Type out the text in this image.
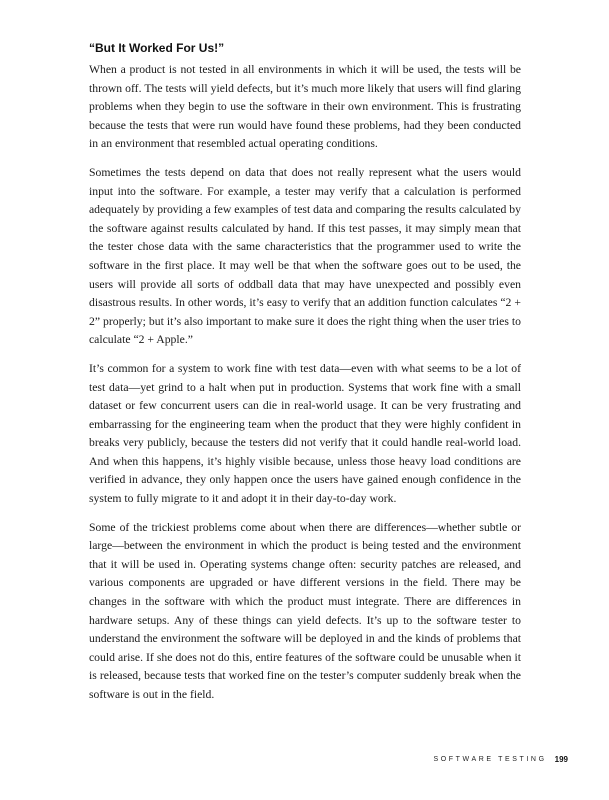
“But It Worked For Us!”

When a product is not tested in all environments in which it will be used, the tests will be thrown off. The tests will yield defects, but it’s much more likely that users will find glaring problems when they begin to use the software in their own environment. This is frustrating because the tests that were run would have found these problems, had they been conducted in an environment that resembled actual operating conditions.

Sometimes the tests depend on data that does not really represent what the users would input into the software. For example, a tester may verify that a calculation is performed adequately by providing a few examples of test data and comparing the results calculated by the software against results calculated by hand. If this test passes, it may simply mean that the tester chose data with the same characteristics that the programmer used to write the software in the first place. It may well be that when the software goes out to be used, the users will provide all sorts of oddball data that may have unexpected and possibly even disastrous results. In other words, it’s easy to verify that an addition function calculates “2 + 2” properly; but it’s also important to make sure it does the right thing when the user tries to calculate “2 + Apple.”

It’s common for a system to work fine with test data—even with what seems to be a lot of test data—yet grind to a halt when put in production. Systems that work fine with a small dataset or few concurrent users can die in real-world usage. It can be very frustrating and embarrassing for the engineering team when the product that they were highly confident in breaks very publicly, because the testers did not verify that it could handle real-world load. And when this happens, it’s highly visible because, unless those heavy load conditions are verified in advance, they only happen once the users have gained enough confidence in the system to fully migrate to it and adopt it in their day-to-day work.

Some of the trickiest problems come about when there are differences—whether subtle or large—between the environment in which the product is being tested and the environment that it will be used in. Operating systems change often: security patches are released, and various components are upgraded or have different versions in the field. There may be changes in the software with which the product must integrate. There are differences in hardware setups. Any of these things can yield defects. It’s up to the software tester to understand the environment the software will be deployed in and the kinds of problems that could arise. If she does not do this, entire features of the software could be unusable when it is released, because tests that worked fine on the tester’s computer suddenly break when the software is out in the field.

SOFTWARE TESTING 199
